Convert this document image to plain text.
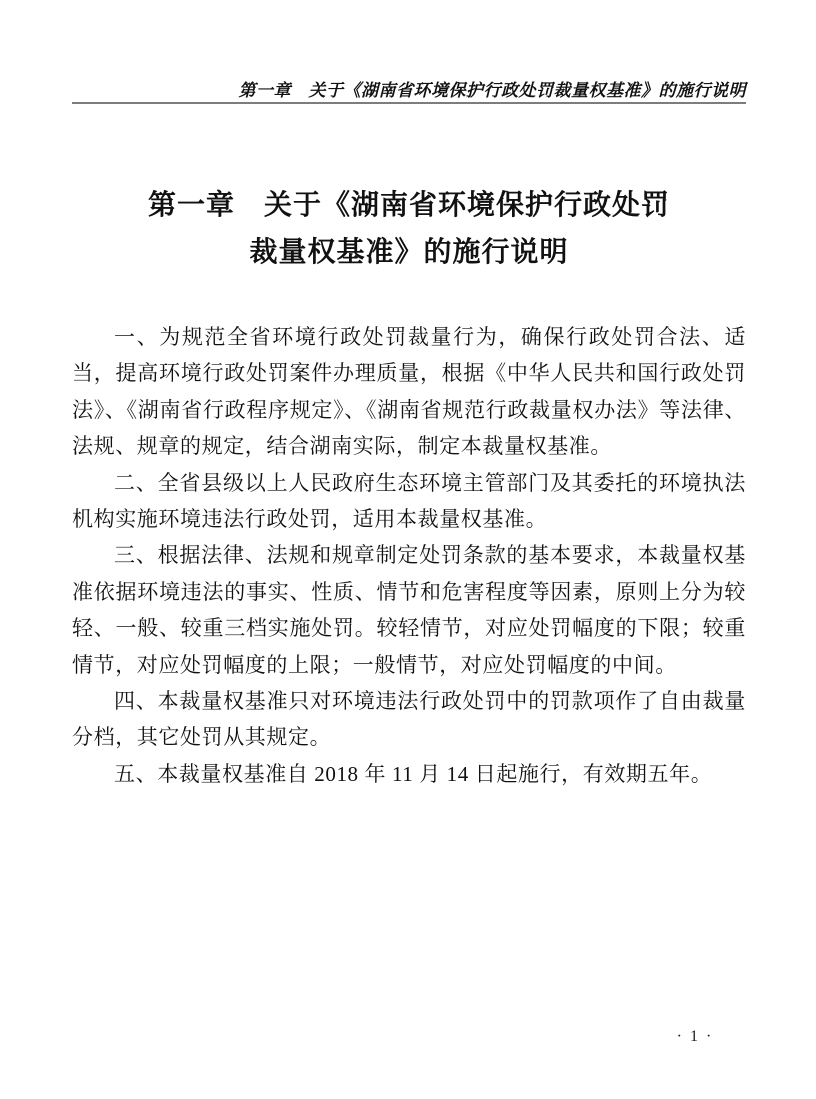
第一章　关于《湖南省环境保护行政处罚裁量权基准》的施行说明
第一章　关于《湖南省环境保护行政处罚
裁量权基准》的施行说明

一、为规范全省环境行政处罚裁量行为，确保行政处罚合法、适当，提高环境行政处罚案件办理质量，根据《中华人民共和国行政处罚法》、《湖南省行政程序规定》、《湖南省规范行政裁量权办法》等法律、法规、规章的规定，结合湖南实际，制定本裁量权基准。

二、全省县级以上人民政府生态环境主管部门及其委托的环境执法机构实施环境违法行政处罚，适用本裁量权基准。

三、根据法律、法规和规章制定处罚条款的基本要求，本裁量权基准依据环境违法的事实、性质、情节和危害程度等因素，原则上分为较轻、一般、较重三档实施处罚。较轻情节，对应处罚幅度的下限；较重情节，对应处罚幅度的上限；一般情节，对应处罚幅度的中间。

四、本裁量权基准只对环境违法行政处罚中的罚款项作了自由裁量分档，其它处罚从其规定。

五、本裁量权基准自 2018 年 11 月 14 日起施行，有效期五年。

· 1 ·
